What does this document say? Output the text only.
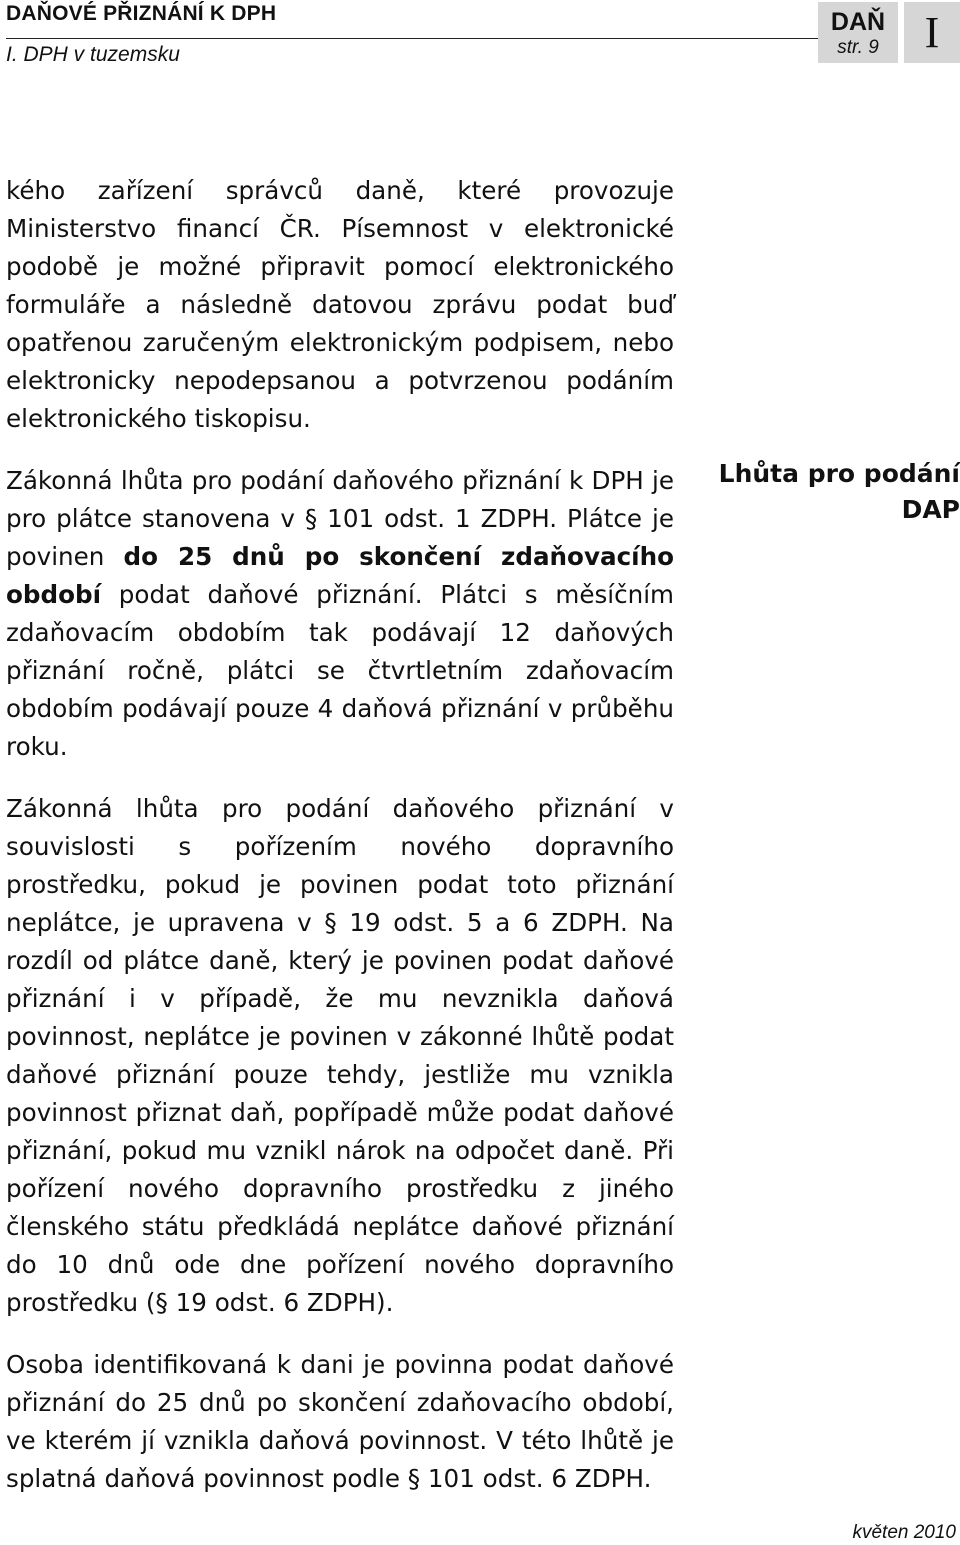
DAŇOVÉ PŘIZNÁNÍ K DPH

I. DPH v tuzemsku

DAŇ
str. 9	I

kého zařízení správců daně, které provozuje Ministerstvo financí ČR. Písemnost v elektronické podobě je možné připravit pomocí elektronického formuláře a následně datovou zprávu podat buď opatřenou zaručeným elektronickým podpisem, nebo elektronicky nepodepsanou a potvrzenou podáním elektronického tiskopisu.

Zákonná lhůta pro podání daňového přiznání k DPH je pro plátce stanovena v § 101 odst. 1 ZDPH. Plátce je povinen do 25 dnů po skončení zdaňovacího období podat daňové přiznání. Plátci s měsíčním zdaňovacím obdobím tak podávají 12 daňových přiznání ročně, plátci se čtvrtletním zdaňovacím obdobím podávají pouze 4 daňová přiznání v průběhu roku.

Zákonná lhůta pro podání daňového přiznání v souvislosti s pořízením nového dopravního prostředku, pokud je povinen podat toto přiznání neplátce, je upravena v § 19 odst. 5 a 6 ZDPH. Na rozdíl od plátce daně, který je povinen podat daňové přiznání i v případě, že mu nevznikla daňová povinnost, neplátce je povinen v zákonné lhůtě podat daňové přiznání pouze tehdy, jestliže mu vznikla povinnost přiznat daň, popřípadě může podat daňové přiznání, pokud mu vznikl nárok na odpočet daně. Při pořízení nového dopravního prostředku z jiného členského státu předkládá neplátce daňové přiznání do 10 dnů ode dne pořízení nového dopravního prostředku (§ 19 odst. 6 ZDPH).

Osoba identifikovaná k dani je povinna podat daňové přiznání do 25 dnů po skončení zdaňovacího období, ve kterém jí vznikla daňová povinnost. V této lhůtě je splatná daňová povinnost podle § 101 odst. 6 ZDPH.

Lhůta pro podání
DAP

květen 2010
